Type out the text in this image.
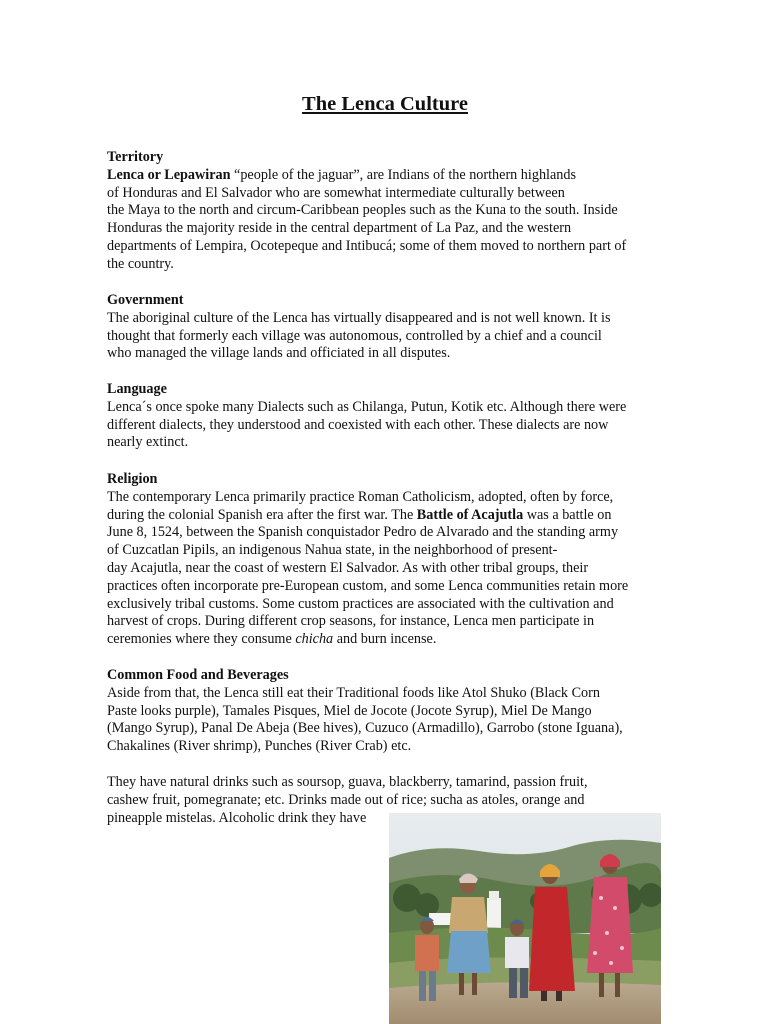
The Lenca Culture
Territory
Lenca or Lepawiran “people of the jaguar”, are Indians of the northern highlands
of Honduras and El Salvador who are somewhat intermediate culturally between
the Maya to the north and circum-Caribbean peoples such as the Kuna to the south. Inside
Honduras the majority reside in the central department of La Paz, and the western
departments of Lempira, Ocotepeque and Intibucá; some of them moved to northern part of
the country.
Government
The aboriginal culture of the Lenca has virtually disappeared and is not well known. It is
thought that formerly each village was autonomous, controlled by a chief and a council
who managed the village lands and officiated in all disputes.
Language
Lenca´s once spoke many Dialects such as Chilanga, Putun, Kotik etc. Although there were
different dialects, they understood and coexisted with each other. These dialects are now
nearly extinct.
Religion
The contemporary Lenca primarily practice Roman Catholicism, adopted, often by force,
during the colonial Spanish era after the first war. The Battle of Acajutla was a battle on
June 8, 1524, between the Spanish conquistador Pedro de Alvarado and the standing army
of Cuzcatlan Pipils, an indigenous Nahua state, in the neighborhood of present-
day Acajutla, near the coast of western El Salvador. As with other tribal groups, their
practices often incorporate pre-European custom, and some Lenca communities retain more
exclusively tribal customs. Some custom practices are associated with the cultivation and
harvest of crops. During different crop seasons, for instance, Lenca men participate in
ceremonies where they consume chicha and burn incense.
Common Food and Beverages
Aside from that, the Lenca still eat their Traditional foods like Atol Shuko (Black Corn
Paste looks purple), Tamales Pisques, Miel de Jocote (Jocote Syrup), Miel De Mango
(Mango Syrup), Panal De Abeja (Bee hives), Cuzuco (Armadillo), Garrobo (stone Iguana),
Chakalines (River shrimp), Punches (River Crab) etc.
They have natural drinks such as soursop, guava, blackberry, tamarind, passion fruit,
cashew fruit, pomegranate; etc. Drinks made out of rice; sucha as atoles, orange and
pineapple mistelas. Alcoholic drink they have
